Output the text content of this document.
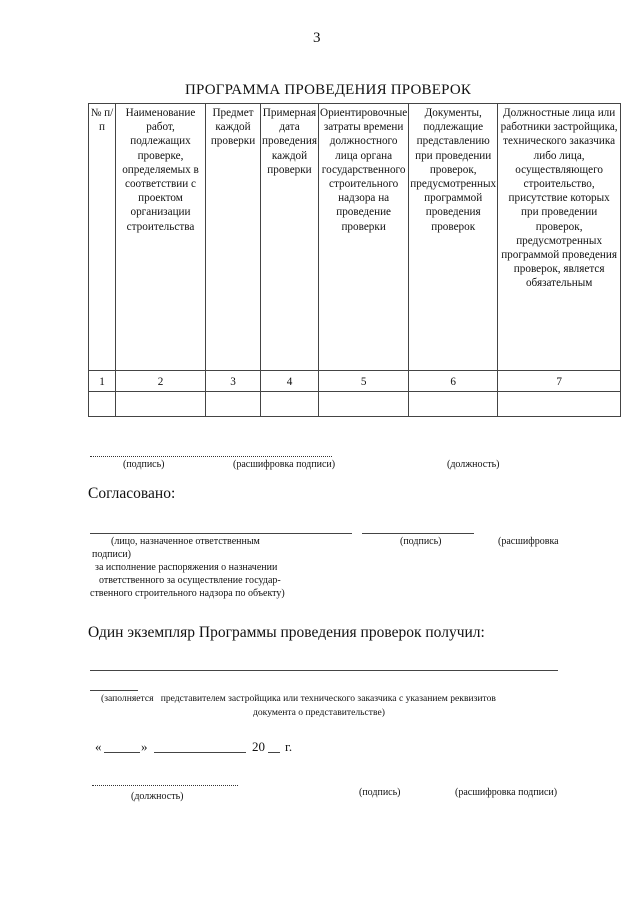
3
ПРОГРАММА ПРОВЕДЕНИЯ ПРОВЕРОК
№ п/п	Наименование работ, подлежащих проверке, определяемых в соответствии с проектом организации строительства	Предмет каждой проверки	Примерная дата проведения каждой проверки	Ориентировочные затраты времени должностного лица органа государственного строительного надзора на проведение проверки	Документы, подлежащие представлению при проведении проверок, предусмотренных программой проведения проверок	Должностные лица или работники застройщика, технического заказчика либо лица, осуществляющего строительство, присутствие которых при проведении проверок, предусмотренных программой проведения проверок, является обязательным
1	2	3	4	5	6	7

(подпись)	(расшифровка подписи)	(должность)
Согласовано:
(лицо, назначенное ответственным	(подпись)	(расшифровка
подписи)
за исполнение распоряжения о назначении
ответственного за осуществление государ-
ственного строительного надзора по объекту)
Один экземпляр Программы проведения проверок получил:
(заполняется   представителем застройщика или технического заказчика с указанием реквизитов
документа о представительстве)
«	»	20 г.
(должность)	(подпись)	(расшифровка подписи)
